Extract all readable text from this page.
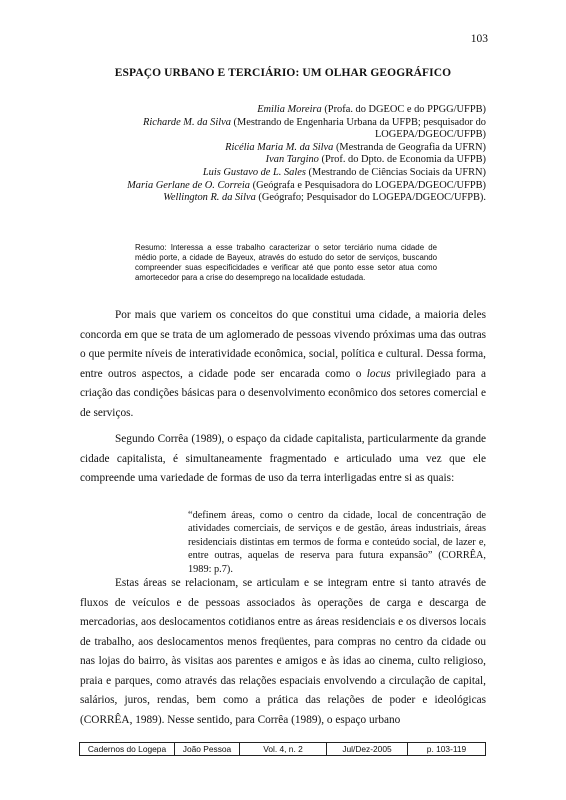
103
ESPAÇO URBANO E TERCIÁRIO: UM OLHAR GEOGRÁFICO
Emilia Moreira (Profa. do DGEOC e do PPGG/UFPB)
Richarde M. da Silva (Mestrando de Engenharia Urbana da UFPB; pesquisador do LOGEPA/DGEOC/UFPB)
Ricélia Maria M. da Silva (Mestranda de Geografia da UFRN)
Ivan Targino (Prof. do Dpto. de Economia da UFPB)
Luis Gustavo de L. Sales (Mestrando de Ciências Sociais da UFRN)
Maria Gerlane de O. Correia (Geógrafa e Pesquisadora do LOGEPA/DGEOC/UFPB)
Wellington R. da Silva (Geógrafo; Pesquisador do LOGEPA/DGEOC/UFPB).
Resumo: Interessa a esse trabalho caracterizar o setor terciário numa cidade de médio porte, a cidade de Bayeux, através do estudo do setor de serviços, buscando compreender suas especificidades e verificar até que ponto esse setor atua como amortecedor para a crise do desemprego na localidade estudada.

Por mais que variem os conceitos do que constitui uma cidade, a maioria deles concorda em que se trata de um aglomerado de pessoas vivendo próximas uma das outras o que permite níveis de interatividade econômica, social, política e cultural. Dessa forma, entre outros aspectos, a cidade pode ser encarada como o locus privilegiado para a criação das condições básicas para o desenvolvimento econômico dos setores comercial e de serviços.

Segundo Corrêa (1989), o espaço da cidade capitalista, particularmente da grande cidade capitalista, é simultaneamente fragmentado e articulado uma vez que ele compreende uma variedade de formas de uso da terra interligadas entre si as quais:

“definem áreas, como o centro da cidade, local de concentração de atividades comerciais, de serviços e de gestão, áreas industriais, áreas residenciais distintas em termos de forma e conteúdo social, de lazer e, entre outras, aquelas de reserva para futura expansão” (CORRÊA, 1989: p.7).

Estas áreas se relacionam, se articulam e se integram entre si tanto através de fluxos de veículos e de pessoas associados às operações de carga e descarga de mercadorias, aos deslocamentos cotidianos entre as áreas residenciais e os diversos locais de trabalho, aos deslocamentos menos freqüentes, para compras no centro da cidade ou nas lojas do bairro, às visitas aos parentes e amigos e às idas ao cinema, culto religioso, praia e parques, como através das relações espaciais envolvendo a circulação de capital, salários, juros, rendas, bem como a prática das relações de poder e ideológicas (CORRÊA, 1989). Nesse sentido, para Corrêa (1989), o espaço urbano

Cadernos do Logepa	João Pessoa	Vol. 4, n. 2	Jul/Dez-2005	p. 103-119
